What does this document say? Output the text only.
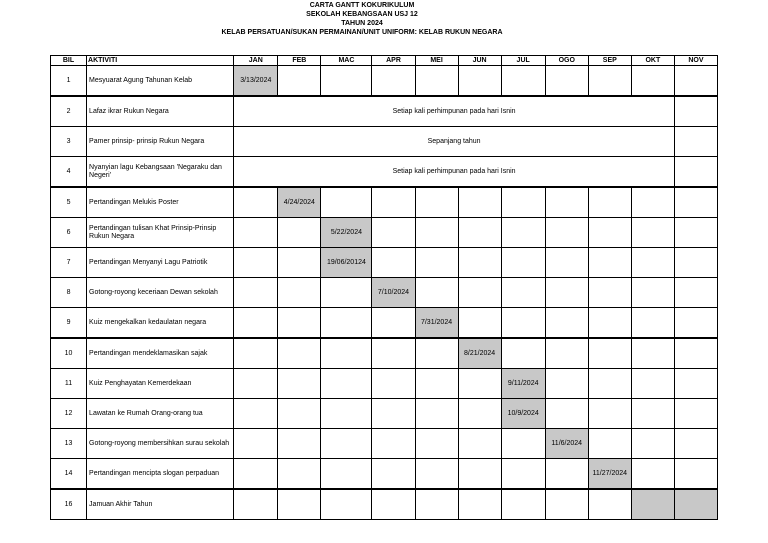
CARTA GANTT KOKURIKULUM
SEKOLAH KEBANGSAAN USJ 12
TAHUN 2024
KELAB PERSATUAN/SUKAN PERMAINAN/UNIT UNIFORM: KELAB RUKUN NEGARA
BIL	AKTIVITI	JAN	FEB	MAC	APR	MEI	JUN	JUL	OGO	SEP	OKT	NOV
1	Mesyuarat Agung Tahunan Kelab	3/13/2024										
2	Lafaz ikrar Rukun Negara	Setiap kali perhimpunan pada hari Isnin										
3	Pamer prinsip- prinsip Rukun Negara	Sepanjang tahun										
4	Nyanyian lagu Kebangsaan 'Negaraku dan Negeri'	Setiap kali perhimpunan pada hari Isnin										
5	Pertandingan Melukis Poster		4/24/2024									
6	Pertandingan tulisan Khat Prinsip-Prinsip Rukun Negara			5/22/2024								
7	Pertandingan Menyanyi Lagu Patriotik			19/06/20124								
8	Gotong-royong keceriaan Dewan sekolah				7/10/2024							
9	Kuiz mengekalkan kedaulatan negara					7/31/2024						
10	Pertandingan mendeklamasikan sajak						8/21/2024					
11	Kuiz Penghayatan Kemerdekaan							9/11/2024				
12	Lawatan ke Rumah Orang-orang tua							10/9/2024				
13	Gotong-royong membersihkan surau sekolah								11/6/2024			
14	Pertandingan mencipta slogan perpaduan									11/27/2024		
16	Jamuan Akhir Tahun											
